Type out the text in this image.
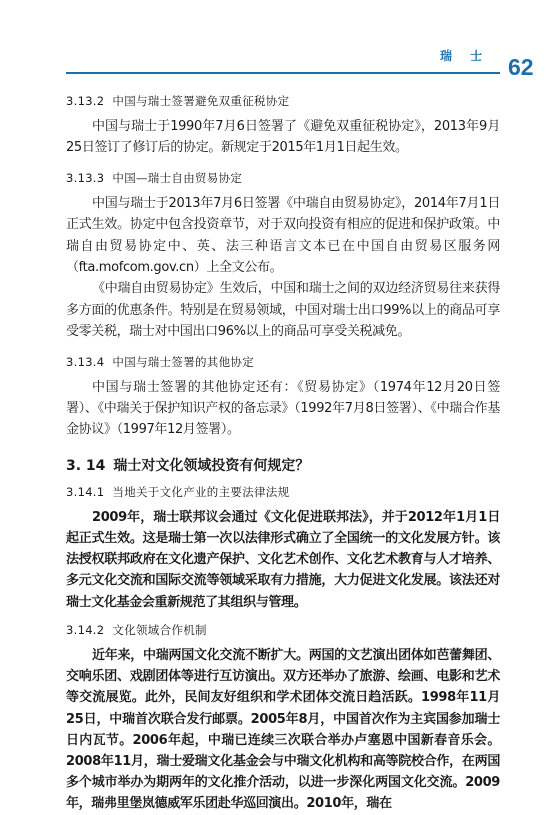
瑞 士 62
3.13.2 中国与瑞士签署避免双重征税协定

中国与瑞士于1990年7月6日签署了《避免双重征税协定》，2013年9月25日签订了修订后的协定。新规定于2015年1月1日起生效。

3.13.3 中国—瑞士自由贸易协定

中国与瑞士于2013年7月6日签署《中瑞自由贸易协定》，2014年7月1日正式生效。协定中包含投资章节，对于双向投资有相应的促进和保护政策。中瑞自由贸易协定中、英、法三种语言文本已在中国自由贸易区服务网（fta.mofcom.gov.cn）上全文公布。

《中瑞自由贸易协定》生效后，中国和瑞士之间的双边经济贸易往来获得多方面的优惠条件。特别是在贸易领域，中国对瑞士出口99%以上的商品可享受零关税，瑞士对中国出口96%以上的商品可享受关税减免。

3.13.4 中国与瑞士签署的其他协定

中国与瑞士签署的其他协定还有：《贸易协定》（1974年12月20日签署）、《中瑞关于保护知识产权的备忘录》（1992年7月8日签署）、《中瑞合作基金协议》（1997年12月签署）。

3. 14 瑞士对文化领域投资有何规定？
3.14.1 当地关于文化产业的主要法律法规

2009年，瑞士联邦议会通过《文化促进联邦法》，并于2012年1月1日起正式生效。这是瑞士第一次以法律形式确立了全国统一的文化发展方针。该法授权联邦政府在文化遗产保护、文化艺术创作、文化艺术教育与人才培养、多元文化交流和国际交流等领域采取有力措施，大力促进文化发展。该法还对瑞士文化基金会重新规范了其组织与管理。

3.14.2 文化领域合作机制

近年来，中瑞两国文化交流不断扩大。两国的文艺演出团体如芭蕾舞团、交响乐团、戏剧团体等进行互访演出。双方还举办了旅游、绘画、电影和艺术等交流展览。此外，民间友好组织和学术团体交流日趋活跃。1998年11月25日，中瑞首次联合发行邮票。2005年8月，中国首次作为主宾国参加瑞士日内瓦节。2006年起，中瑞已连续三次联合举办卢塞恩中国新春音乐会。2008年11月，瑞士爱瑞文化基金会与中瑞文化机构和高等院校合作，在两国多个城市举办为期两年的文化推介活动，以进一步深化两国文化交流。2009年，瑞弗里堡岚德威军乐团赴华巡回演出。2010年，瑞在
